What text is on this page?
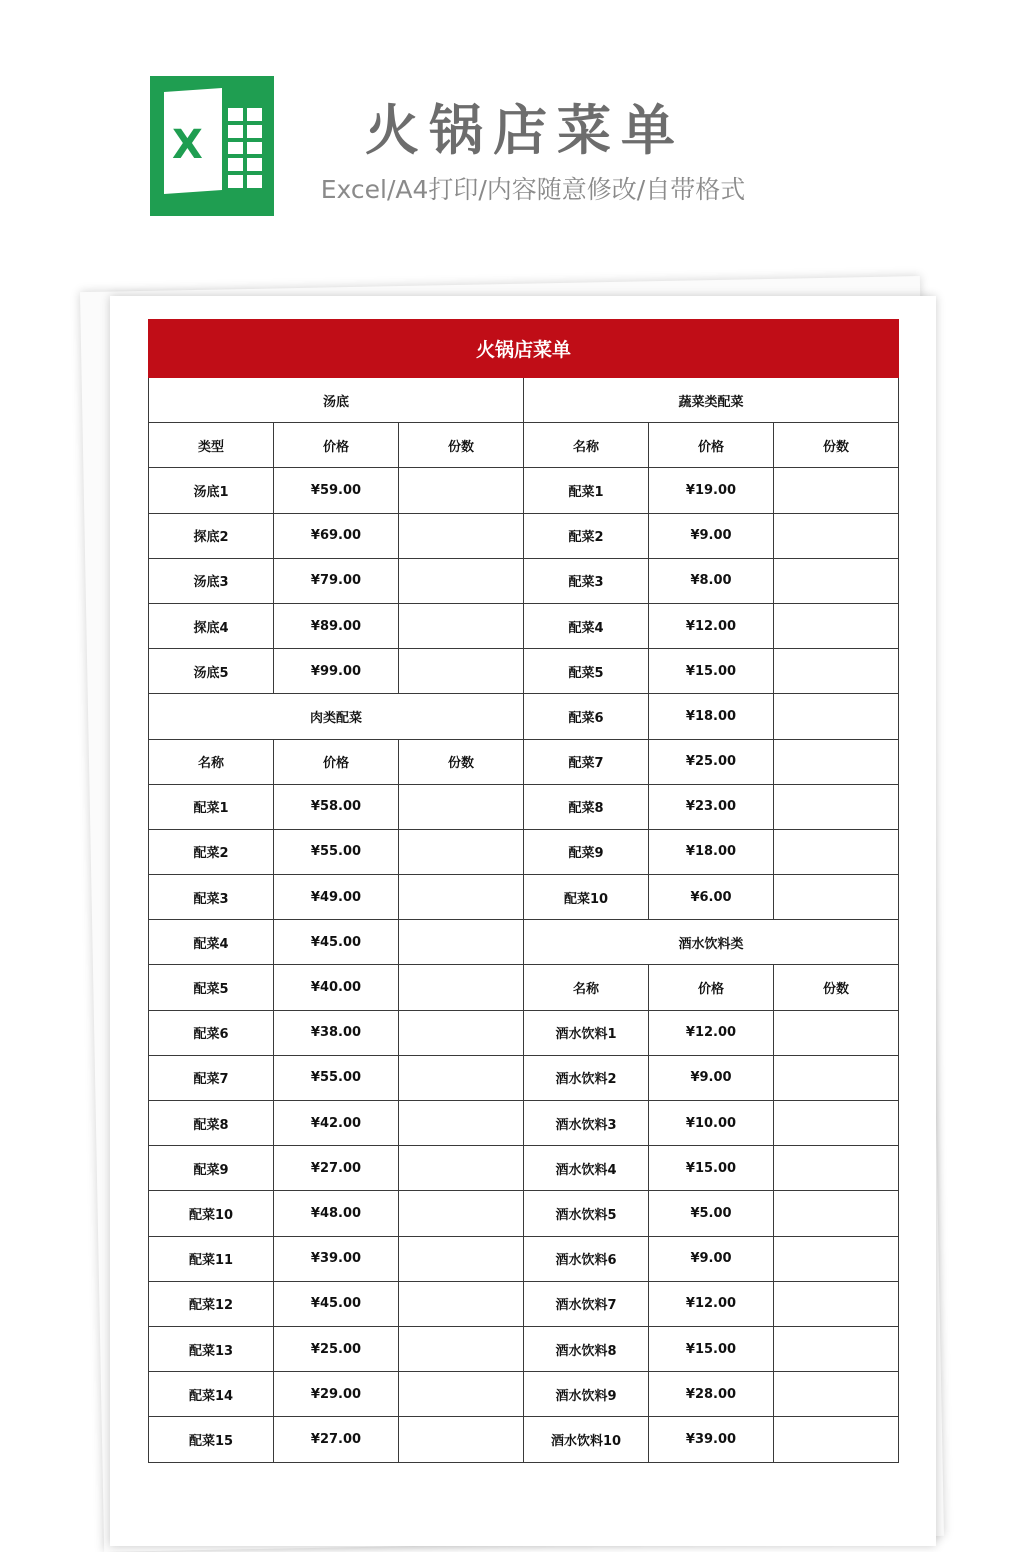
X	火锅店菜单
Excel/A4打印/内容随意修改/自带格式
火锅店菜单					
汤底			蔬菜类配菜		
类型	价格	份数	名称	价格	份数
汤底1	¥59.00		配菜1	¥19.00	
探底2	¥69.00		配菜2	¥9.00	
汤底3	¥79.00		配菜3	¥8.00	
探底4	¥89.00		配菜4	¥12.00	
汤底5	¥99.00		配菜5	¥15.00	
肉类配菜			配菜6	¥18.00	
名称	价格	份数	配菜7	¥25.00	
配菜1	¥58.00		配菜8	¥23.00	
配菜2	¥55.00		配菜9	¥18.00	
配菜3	¥49.00		配菜10	¥6.00	
配菜4	¥45.00		酒水饮料类		
配菜5	¥40.00		名称	价格	份数
配菜6	¥38.00		酒水饮料1	¥12.00	
配菜7	¥55.00		酒水饮料2	¥9.00	
配菜8	¥42.00		酒水饮料3	¥10.00	
配菜9	¥27.00		酒水饮料4	¥15.00	
配菜10	¥48.00		酒水饮料5	¥5.00	
配菜11	¥39.00		酒水饮料6	¥9.00	
配菜12	¥45.00		酒水饮料7	¥12.00	
配菜13	¥25.00		酒水饮料8	¥15.00	
配菜14	¥29.00		酒水饮料9	¥28.00	
配菜15	¥27.00		酒水饮料10	¥39.00	
